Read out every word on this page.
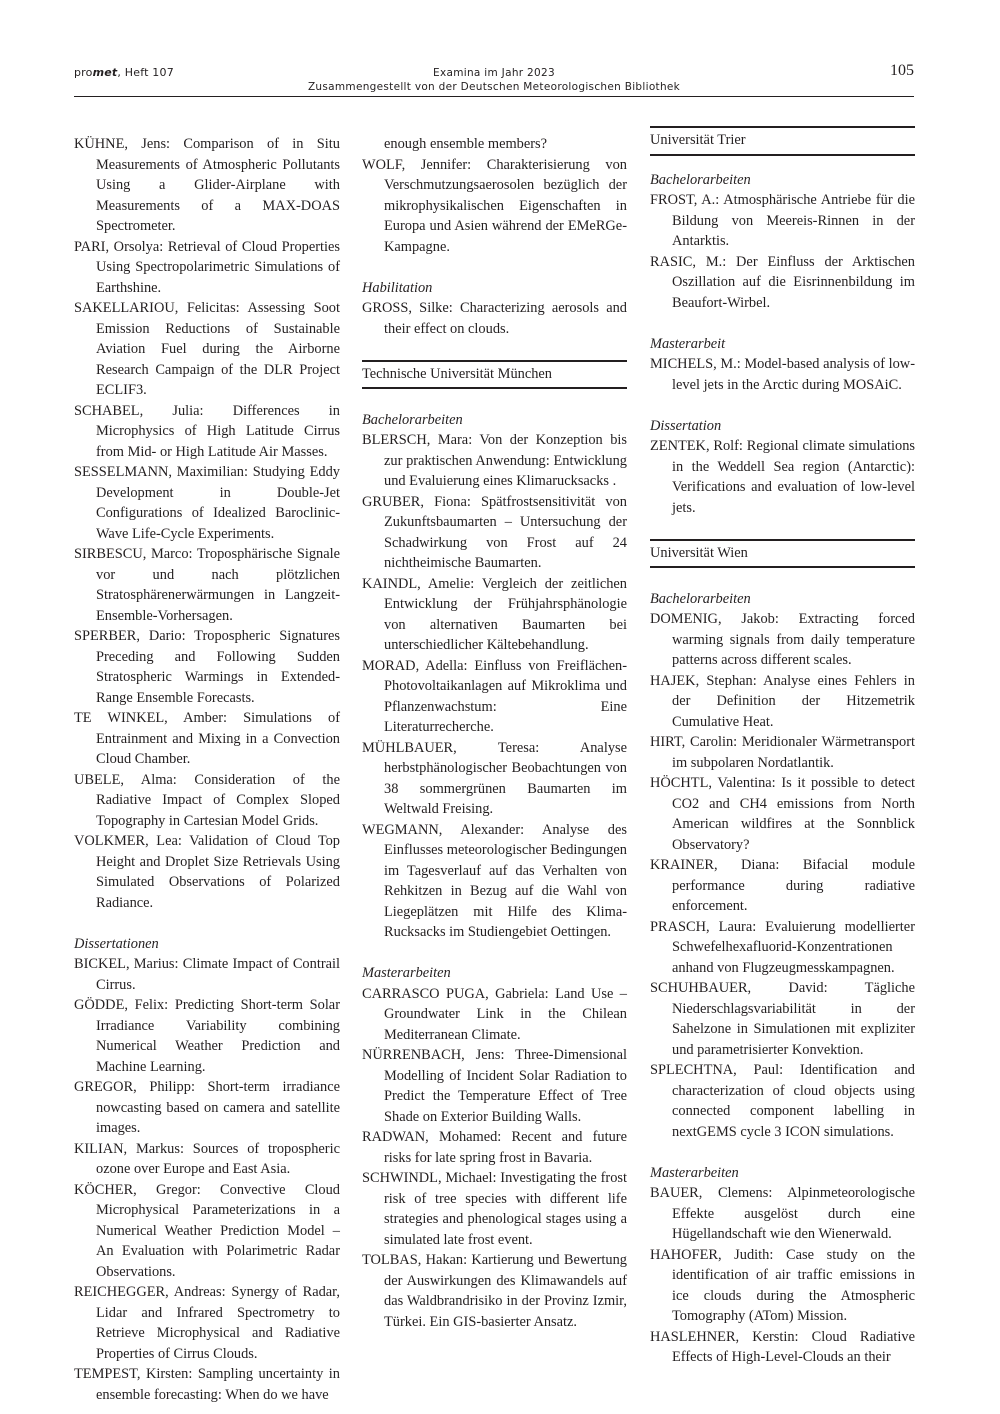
promet, Heft 107	Examina im Jahr 2023
Zusammengestellt von der Deutschen Meteorologischen Bibliothek
105

KÜHNE, Jens: Comparison of in Situ Measurements of Atmospheric Pollutants Using a Glider-Airplane with Measurements of a MAX-DOAS Spectrometer.

PARI, Orsolya: Retrieval of Cloud Properties Using Spectropolarimetric Simulations of Earthshine.

SAKELLARIOU, Felicitas: Assessing Soot Emission Reductions of Sustainable Aviation Fuel during the Airborne Research Campaign of the DLR Project ECLIF3.

SCHABEL, Julia: Differences in Microphysics of High Latitude Cirrus from Mid- or High Latitude Air Masses.

SESSELMANN, Maximilian: Studying Eddy Development in Double-Jet Configurations of Idealized Baroclinic-Wave Life-Cycle Experiments.

SIRBESCU, Marco: Troposphärische Signale vor und nach plötzlichen Stratosphärenerwärmungen in Langzeit-Ensemble-Vorhersagen.

SPERBER, Dario: Tropospheric Signatures Preceding and Following Sudden Stratospheric Warmings in Extended-Range Ensemble Forecasts.

TE WINKEL, Amber: Simulations of Entrainment and Mixing in a Convection Cloud Chamber.

UBELE, Alma: Consideration of the Radiative Impact of Complex Sloped Topography in Cartesian Model Grids.

VOLKMER, Lea: Validation of Cloud Top Height and Droplet Size Retrievals Using Simulated Observations of Polarized Radiance.

Dissertationen

BICKEL, Marius: Climate Impact of Contrail Cirrus.

GÖDDE, Felix: Predicting Short-term Solar Irradiance Variability combining Numerical Weather Prediction and Machine Learning.

GREGOR, Philipp: Short-term irradiance nowcasting based on camera and satellite images.

KILIAN, Markus: Sources of tropospheric ozone over Europe and East Asia.

KÖCHER, Gregor: Convective Cloud Microphysical Parameterizations in a Numerical Weather Prediction Model – An Evaluation with Polarimetric Radar Observations.

REICHEGGER, Andreas: Synergy of Radar, Lidar and Infrared Spectrometry to Retrieve Microphysical and Radiative Properties of Cirrus Clouds.

TEMPEST, Kirsten: Sampling uncertainty in ensemble forecasting: When do we have

enough ensemble members?

WOLF, Jennifer: Charakterisierung von Verschmutzungsaerosolen bezüglich der mikrophysikalischen Eigenschaften in Europa und Asien während der EMeRGe-Kampagne.

Habilitation

GROSS, Silke: Characterizing aerosols and their effect on clouds.

Technische Universität München

Bachelorarbeiten

BLERSCH, Mara: Von der Konzeption bis zur praktischen Anwendung: Entwicklung und Evaluierung eines Klimarucksacks .

GRUBER, Fiona: Spätfrostsensitivität von Zukunftsbaumarten – Untersuchung der Schadwirkung von Frost auf 24 nichtheimische Baumarten.

KAINDL, Amelie: Vergleich der zeitlichen Entwicklung der Frühjahrsphänologie von alternativen Baumarten bei unterschiedlicher Kältebehandlung.

MORAD, Adella: Einfluss von Freiflächen-Photovoltaikanlagen auf Mikroklima und Pflanzenwachstum: Eine Literaturrecherche.

MÜHLBAUER, Teresa: Analyse herbstphänologischer Beobachtungen von 38 sommergrünen Baumarten im Weltwald Freising.

WEGMANN, Alexander: Analyse des Einflusses meteorologischer Bedingungen im Tagesverlauf auf das Verhalten von Rehkitzen in Bezug auf die Wahl von Liegeplätzen mit Hilfe des Klima-Rucksacks im Studiengebiet Oettingen.

Masterarbeiten

CARRASCO PUGA, Gabriela: Land Use – Groundwater Link in the Chilean Mediterranean Climate.

NÜRRENBACH, Jens: Three-Dimensional Modelling of Incident Solar Radiation to Predict the Temperature Effect of Tree Shade on Exterior Building Walls.

RADWAN, Mohamed: Recent and future risks for late spring frost in Bavaria.

SCHWINDL, Michael: Investigating the frost risk of tree species with different life strategies and phenological stages using a simulated late frost event.

TOLBAS, Hakan: Kartierung und Bewertung der Auswirkungen des Klimawandels auf das Waldbrandrisiko in der Provinz Izmir, Türkei. Ein GIS-basierter Ansatz.

Universität Trier

Bachelorarbeiten

FROST, A.: Atmosphärische Antriebe für die Bildung von Meereis-Rinnen in der Antarktis.

RASIC, M.: Der Einfluss der Arktischen Oszillation auf die Eisrinnenbildung im Beaufort-Wirbel.

Masterarbeit

MICHELS, M.: Model-based analysis of low-level jets in the Arctic during MOSAiC.

Dissertation

ZENTEK, Rolf: Regional climate simulations in the Weddell Sea region (Antarctic): Verifications and evaluation of low-level jets.

Universität Wien

Bachelorarbeiten

DOMENIG, Jakob: Extracting forced warming signals from daily temperature patterns across different scales.

HAJEK, Stephan: Analyse eines Fehlers in der Definition der Hitzemetrik Cumulative Heat.

HIRT, Carolin: Meridionaler Wärmetransport im subpolaren Nordatlantik.

HÖCHTL, Valentina: Is it possible to detect CO2 and CH4 emissions from North American wildfires at the Sonnblick Observatory?

KRAINER, Diana: Bifacial module performance during radiative enforcement.

PRASCH, Laura: Evaluierung modellierter Schwefelhexafluorid-Konzentrationen anhand von Flugzeugmesskampagnen.

SCHUHBAUER, David: Tägliche Niederschlagsvariabilität in der Sahelzone in Simulationen mit expliziter und parametrisierter Konvektion.

SPLECHTNA, Paul: Identification and characterization of cloud objects using connected component labelling in nextGEMS cycle 3 ICON simulations.

Masterarbeiten

BAUER, Clemens: Alpinmeteorologische Effekte ausgelöst durch eine Hügellandschaft wie den Wienerwald.

HAHOFER, Judith: Case study on the identification of air traffic emissions in ice clouds during the Atmospheric Tomography (ATom) Mission.

HASLEHNER, Kerstin: Cloud Radiative Effects of High-Level-Clouds an their
